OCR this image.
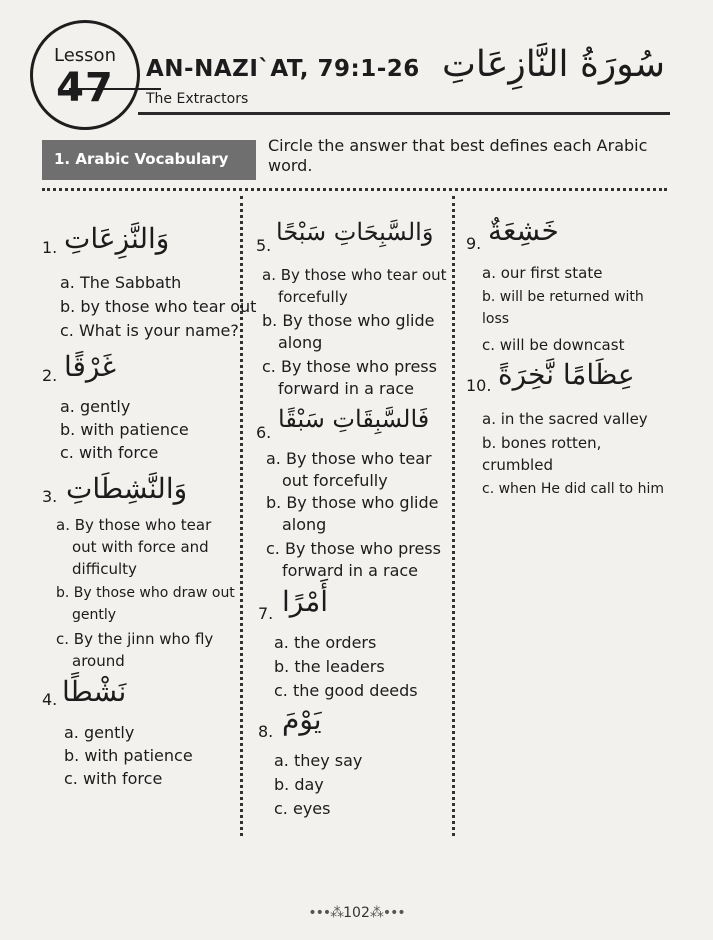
Lesson
47	AN-NAZI`AT, 79:1-26
The Extractors
سُورَةُ النَّازِعَاتِ
1. Arabic Vocabulary
Circle the answer that best defines each Arabic word.
1. وَالنَّزِعَاتِ
a. The Sabbath
b. by those who tear out
c. What is your name?
2. غَرْقًا
a. gently
b. with patience
c. with force
3. وَالنَّشِطَاتِ
a. By those who tear out with force and difficulty
b. By those who draw out gently
c. By the jinn who fly around
4. نَشْطًا
a. gently
b. with patience
c. with force
5. وَالسَّبِحَاتِ سَبْحًا
a. By those who tear out forcefully
b. By those who glide along
c. By those who press forward in a race
6. فَالسَّبِقَاتِ سَبْقًا
a. By those who tear out forcefully
b. By those who glide along
c. By those who press forward in a race
7. أَمْرًا
a. the orders
b. the leaders
c. the good deeds
8. يَوْمَ
a. they say
b. day
c. eyes
9. خَشِعَةٌ
a. our first state
b. will be returned with loss
c. will be downcast
10. عِظَامًا نَّخِرَةً
a. in the sacred valley
b. bones rotten, crumbled
c. when He did call to him
•••⁂102⁂•••
